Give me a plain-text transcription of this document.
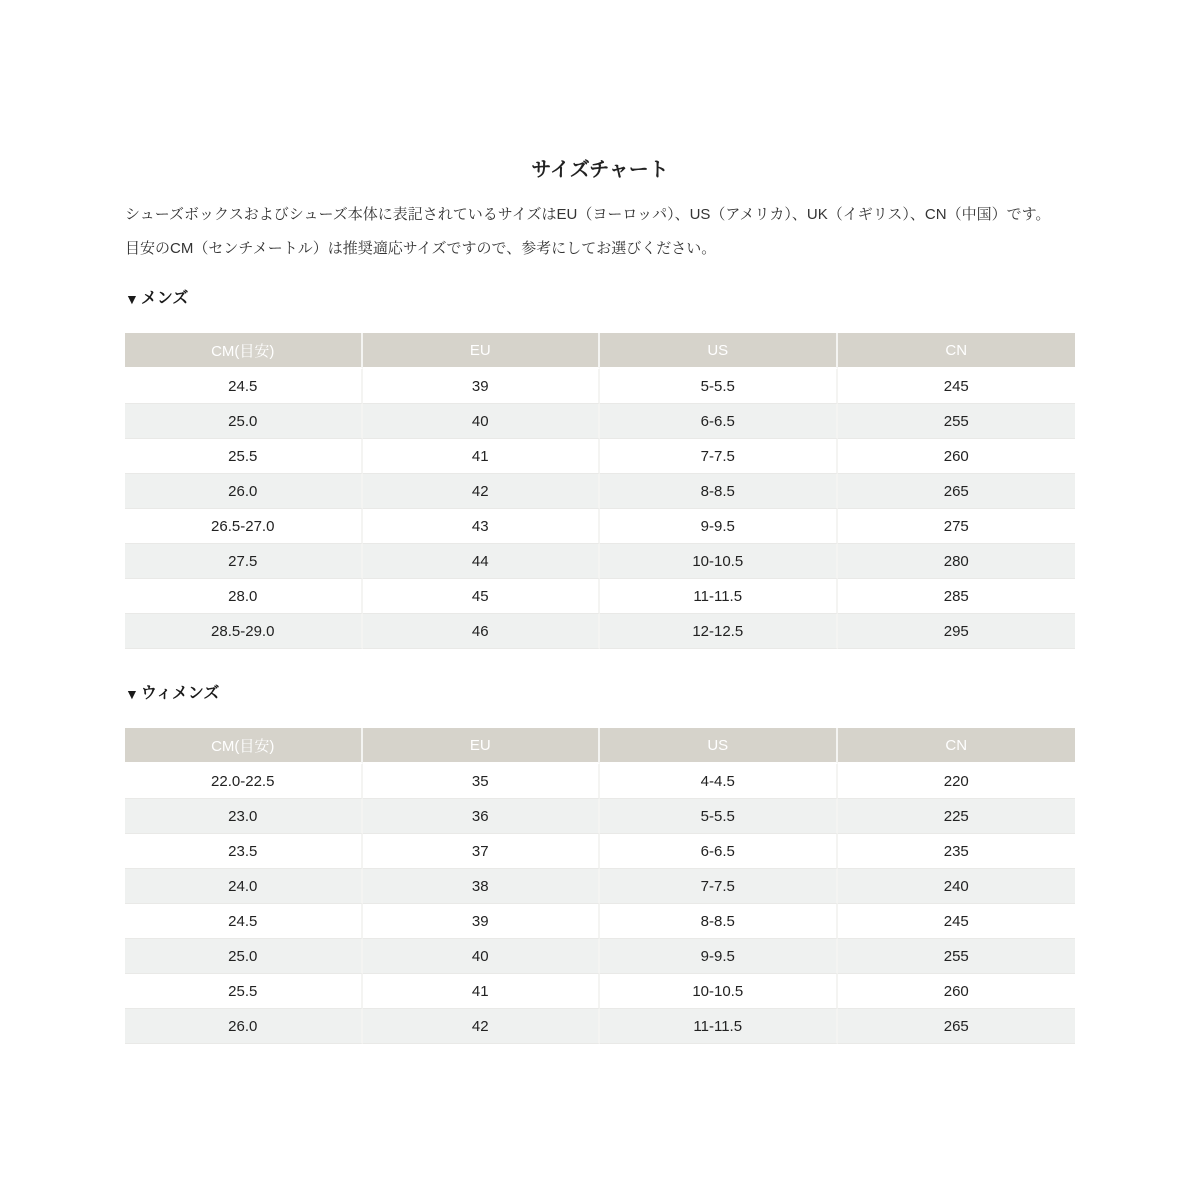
サイズチャート
シューズボックスおよびシューズ本体に表記されているサイズはEU（ヨーロッパ）、US（アメリカ）、UK（イギリス）、CN（中国）です。
目安のCM（センチメートル）は推奨適応サイズですので、参考にしてお選びください。
▼ メンズ
CM(目安)	EU	US	CN
24.5	39	5-5.5	245
25.0	40	6-6.5	255
25.5	41	7-7.5	260
26.0	42	8-8.5	265
26.5-27.0	43	9-9.5	275
27.5	44	10-10.5	280
28.0	45	11-11.5	285
28.5-29.0	46	12-12.5	295
▼ ウィメンズ
CM(目安)	EU	US	CN
22.0-22.5	35	4-4.5	220
23.0	36	5-5.5	225
23.5	37	6-6.5	235
24.0	38	7-7.5	240
24.5	39	8-8.5	245
25.0	40	9-9.5	255
25.5	41	10-10.5	260
26.0	42	11-11.5	265
